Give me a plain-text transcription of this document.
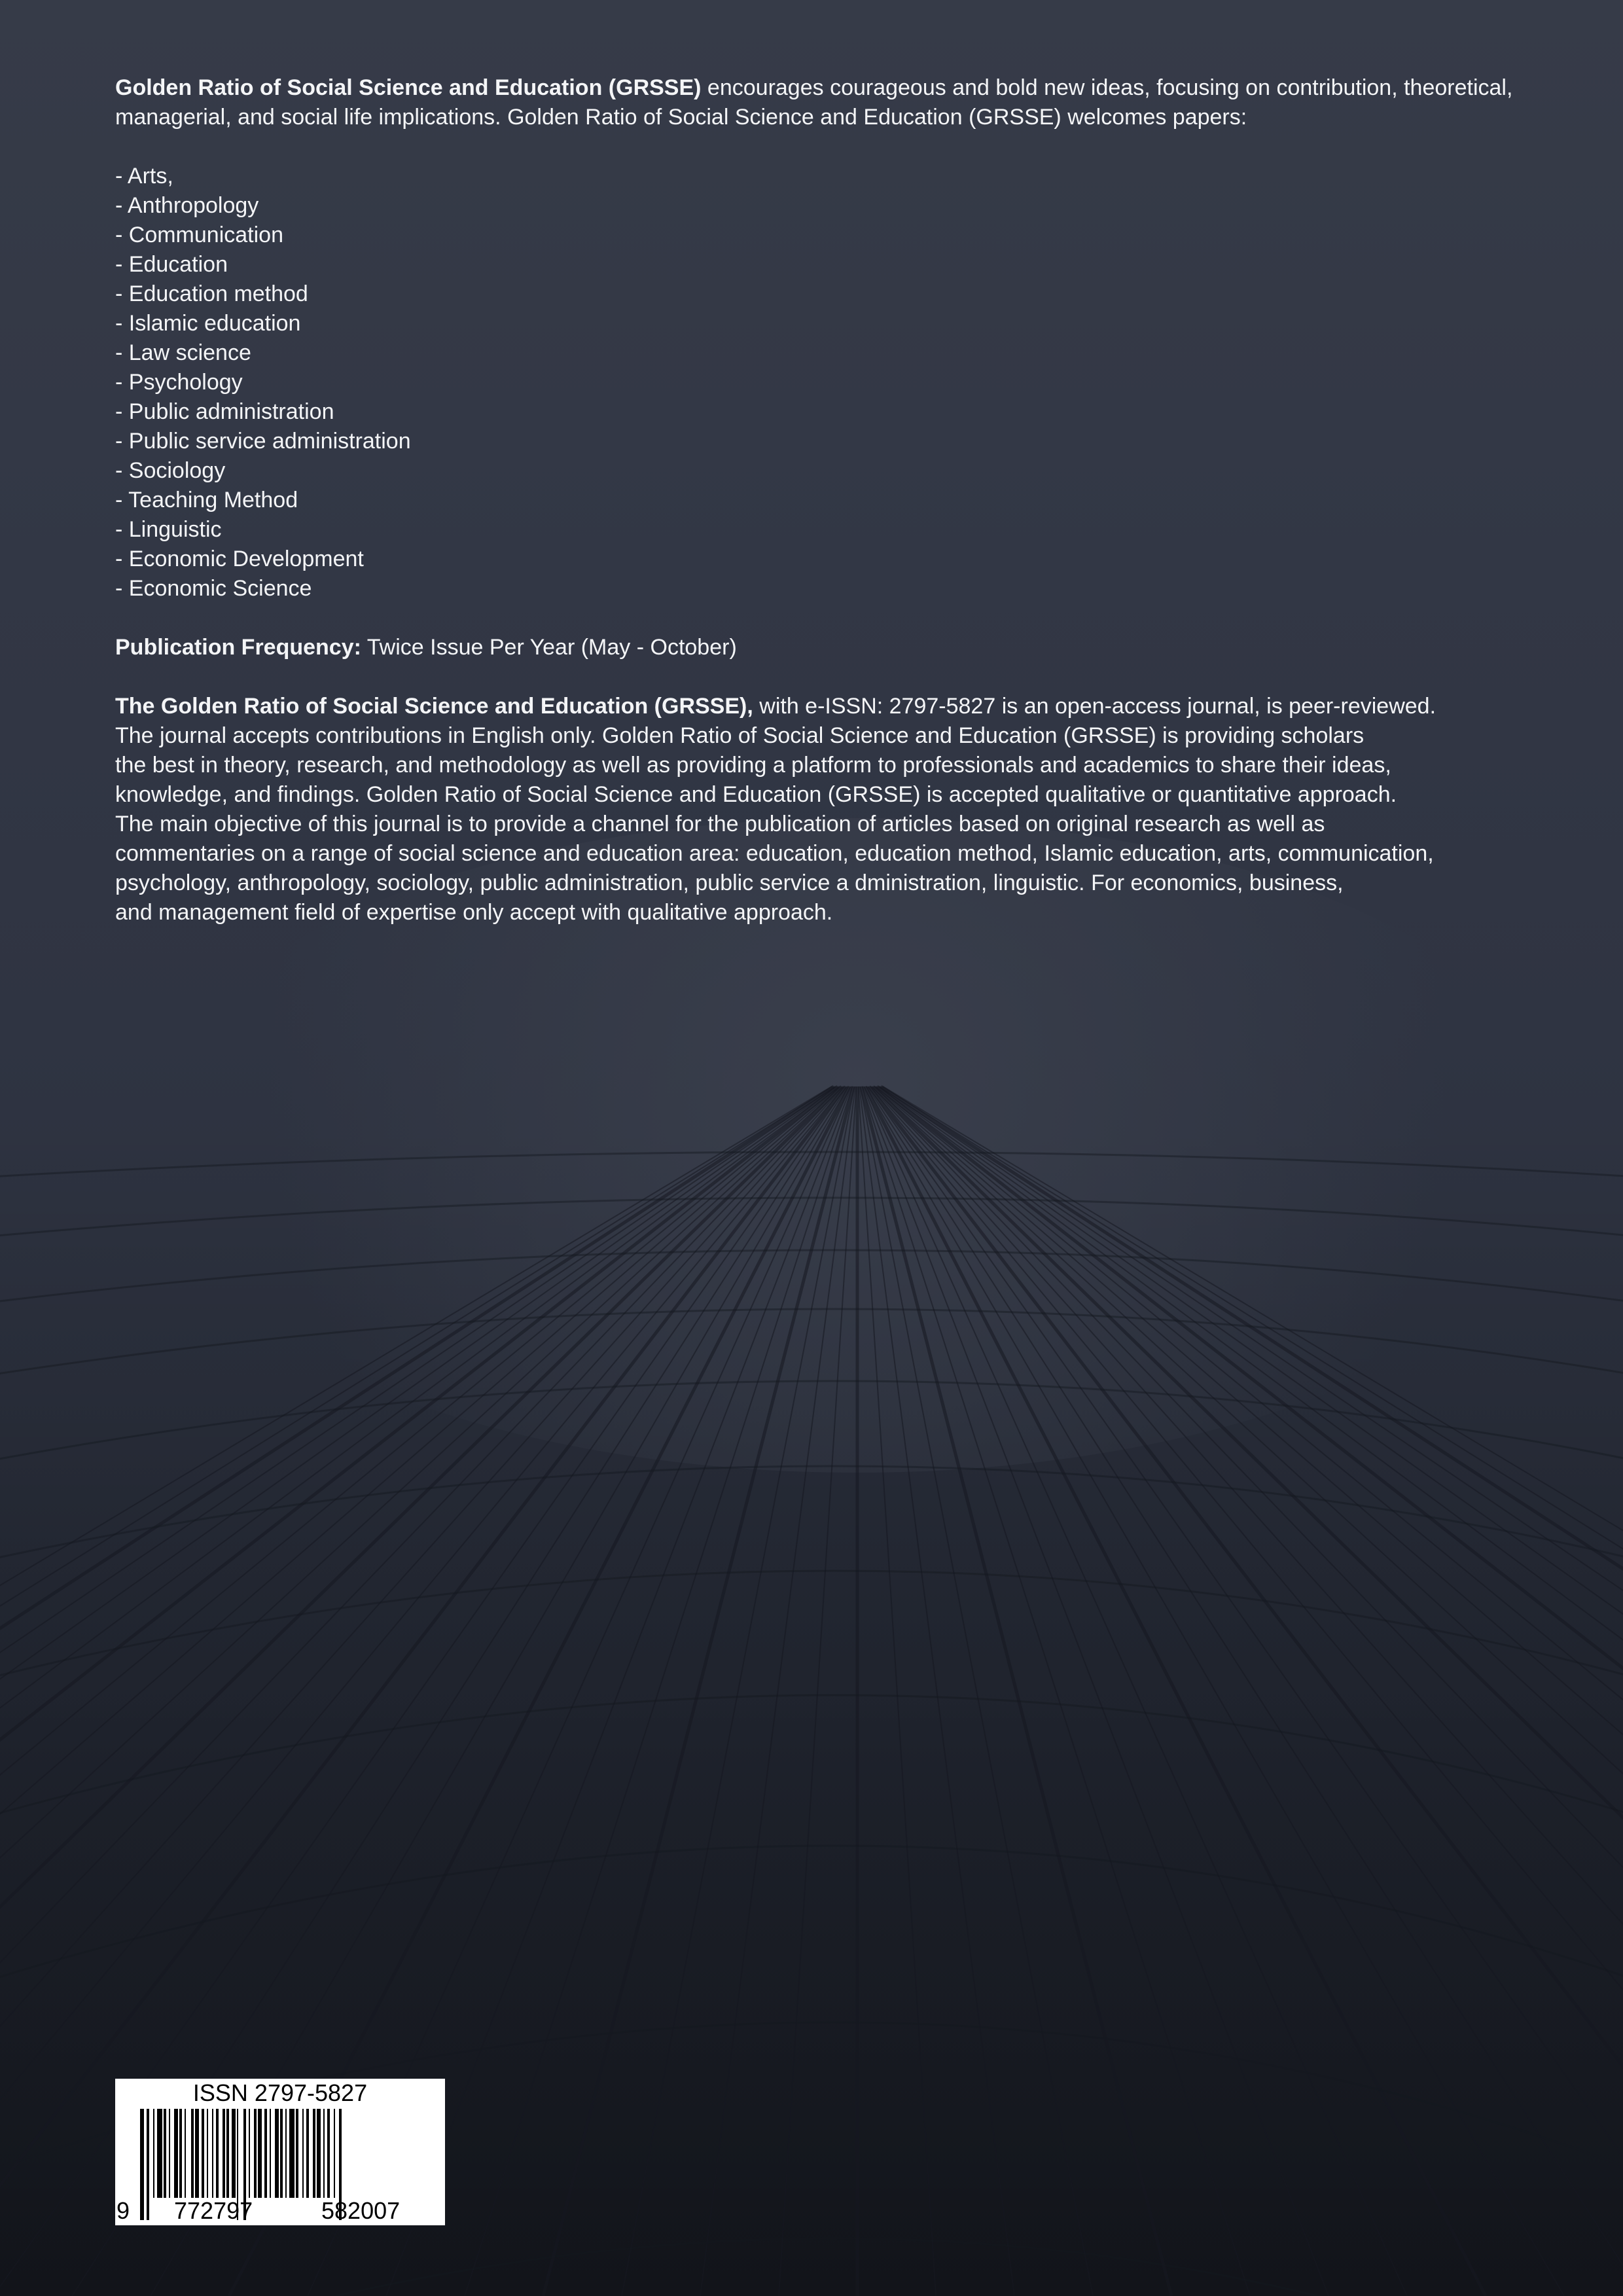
Golden Ratio of Social Science and Education (GRSSE) encourages courageous and bold new ideas, focusing on contribution, theoretical, managerial, and social life implications. Golden Ratio of Social Science and Education (GRSSE) welcomes papers:

- Arts,
- Anthropology
- Communication
- Education
- Education method
- Islamic education
- Law science
- Psychology
- Public administration
- Public service administration
- Sociology
- Teaching Method
- Linguistic
- Economic Development
- Economic Science

Publication Frequency: Twice Issue Per Year (May - October)

The Golden Ratio of Social Science and Education (GRSSE), with e-ISSN: 2797-5827 is an open-access journal, is peer-reviewed.

The journal accepts contributions in English only. Golden Ratio of Social Science and Education (GRSSE) is providing scholars

the best in theory, research, and methodology as well as providing a platform to professionals and academics to share their ideas,

knowledge, and findings. Golden Ratio of Social Science and Education (GRSSE) is accepted qualitative or quantitative approach.

The main objective of this journal is to provide a channel for the publication of articles based on original research as well as

commentaries on a range of social science and education area: education, education method, Islamic education, arts, communication,

psychology, anthropology, sociology, public administration, public service a dministration, linguistic. For economics, business,

and management field of expertise only accept with qualitative approach.

ISSN 2797-5827
9 772797	582007
